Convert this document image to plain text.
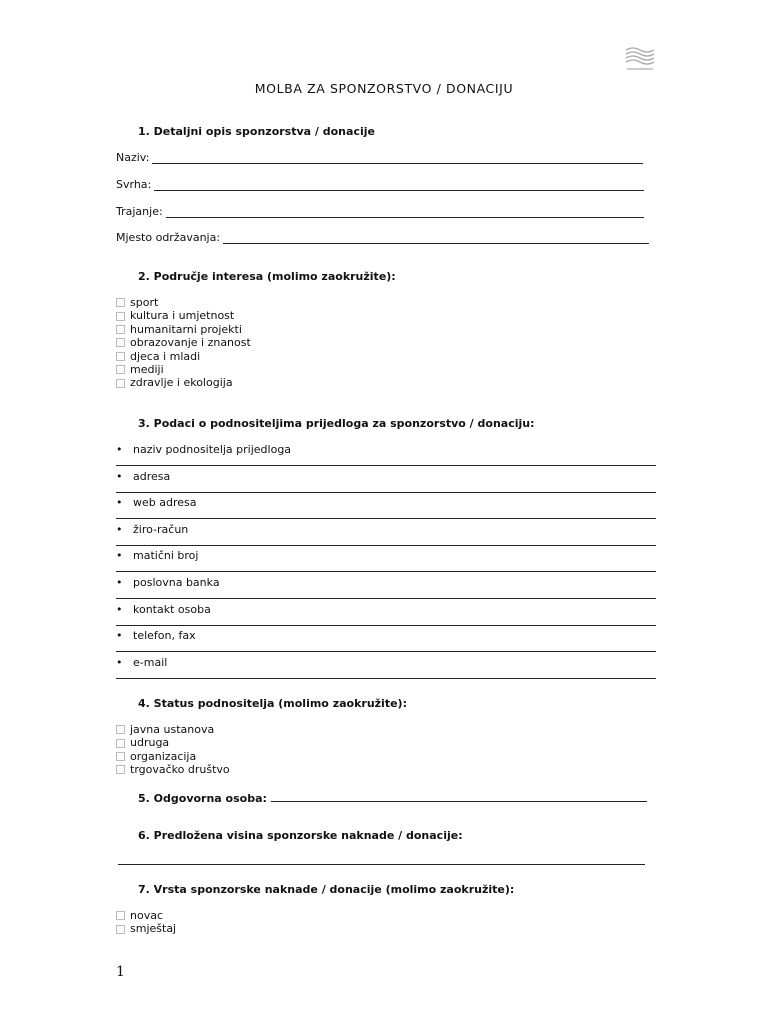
MOLBA ZA SPONZORSTVO / DONACIJU
1. Detaljni opis sponzorstva / donacije
Naziv:
Svrha:
Trajanje:
Mjesto održavanja:
2. Područje interesa (molimo zaokružite):
sport
kultura i umjetnost
humanitarni projekti
obrazovanje i znanost
djeca i mladi
mediji
zdravlje i ekologija
3. Podaci o podnositeljima prijedloga za sponzorstvo / donaciju:
• naziv podnositelja prijedloga
• adresa
• web adresa
• žiro-račun
• matični broj
• poslovna banka
• kontakt osoba
• telefon, fax
• e-mail
4. Status podnositelja (molimo zaokružite):
javna ustanova
udruga
organizacija
trgovačko društvo
5. Odgovorna osoba:
6. Predložena visina sponzorske naknade / donacije:
7. Vrsta sponzorske naknade / donacije (molimo zaokružite):
novac
smještaj
1
